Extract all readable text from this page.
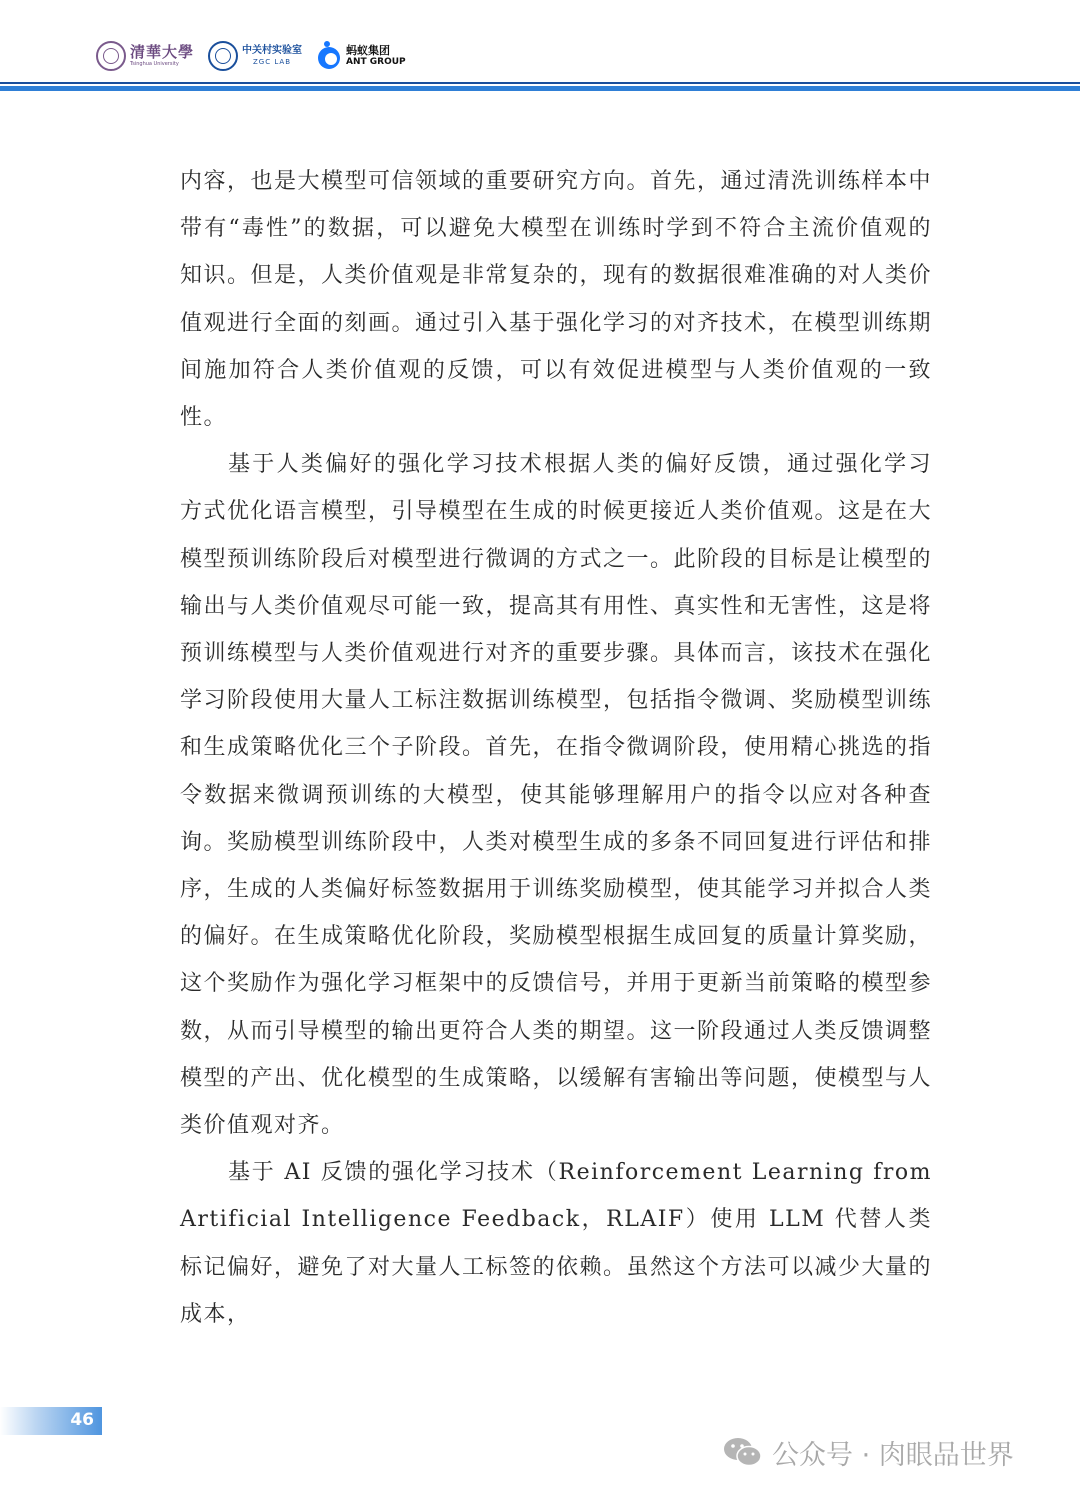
清華大學
Tsinghua University
中关村实验室
ZGC LAB
蚂蚁集团
ANT GROUP

内容，也是大模型可信领域的重要研究方向。首先，通过清洗训练样本中带有“毒性”的数据，可以避免大模型在训练时学到不符合主流价值观的知识。但是，人类价值观是非常复杂的，现有的数据很难准确的对人类价值观进行全面的刻画。通过引入基于强化学习的对齐技术，在模型训练期间施加符合人类价值观的反馈，可以有效促进模型与人类价值观的一致性。

基于人类偏好的强化学习技术根据人类的偏好反馈，通过强化学习方式优化语言模型，引导模型在生成的时候更接近人类价值观。这是在大模型预训练阶段后对模型进行微调的方式之一。此阶段的目标是让模型的输出与人类价值观尽可能一致，提高其有用性、真实性和无害性，这是将预训练模型与人类价值观进行对齐的重要步骤。具体而言，该技术在强化学习阶段使用大量人工标注数据训练模型，包括指令微调、奖励模型训练和生成策略优化三个子阶段。首先，在指令微调阶段，使用精心挑选的指令数据来微调预训练的大模型，使其能够理解用户的指令以应对各种查询。奖励模型训练阶段中，人类对模型生成的多条不同回复进行评估和排序，生成的人类偏好标签数据用于训练奖励模型，使其能学习并拟合人类的偏好。在生成策略优化阶段，奖励模型根据生成回复的质量计算奖励，这个奖励作为强化学习框架中的反馈信号，并用于更新当前策略的模型参数，从而引导模型的输出更符合人类的期望。这一阶段通过人类反馈调整模型的产出、优化模型的生成策略，以缓解有害输出等问题，使模型与人类价值观对齐。

基于 AI 反馈的强化学习技术（Reinforcement Learning from Artificial Intelligence Feedback，RLAIF）使用 LLM 代替人类标记偏好，避免了对大量人工标签的依赖。虽然这个方法可以减少大量的成本，

46
公众号 · 肉眼品世界
